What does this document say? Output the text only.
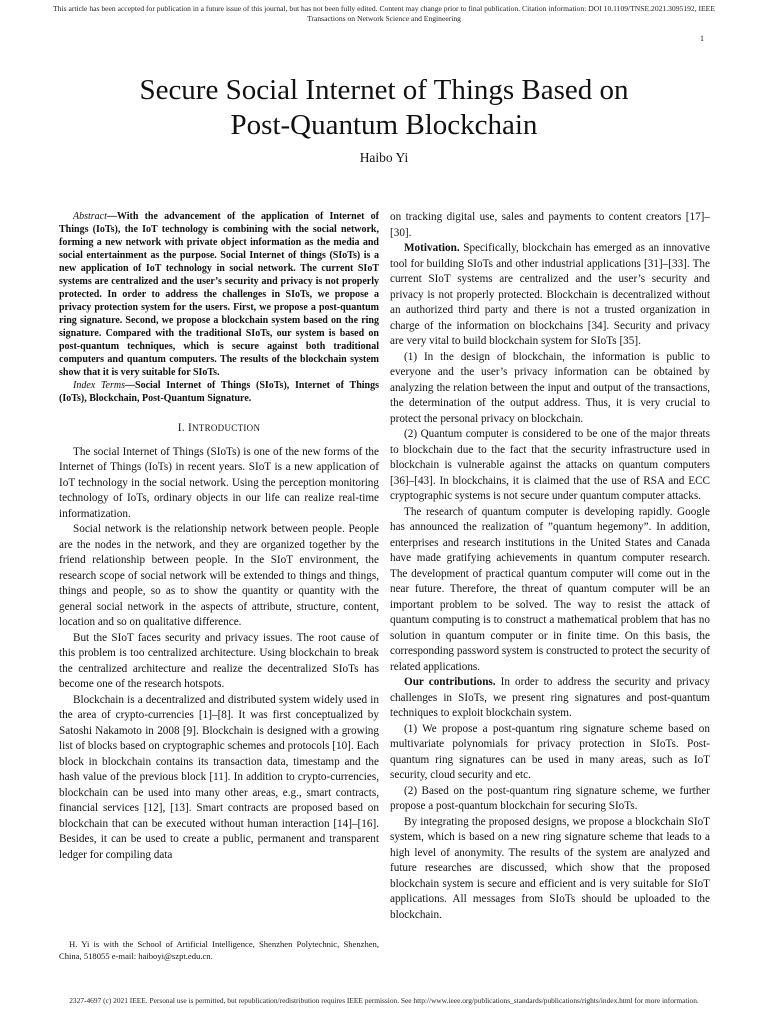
This article has been accepted for publication in a future issue of this journal, but has not been fully edited. Content may change prior to final publication. Citation information: DOI 10.1109/TNSE.2021.3095192, IEEE
Transactions on Network Science and Engineering
1
Secure Social Internet of Things Based on
Post-Quantum Blockchain
Haibo Yi

Abstract—With the advancement of the application of Internet of Things (IoTs), the IoT technology is combining with the social network, forming a new network with private object information as the media and social entertainment as the purpose. Social Internet of things (SIoTs) is a new application of IoT technology in social network. The current SIoT systems are centralized and the user’s security and privacy is not properly protected. In order to address the challenges in SIoTs, we propose a privacy protection system for the users. First, we propose a post-quantum ring signature. Second, we propose a blockchain system based on the ring signature. Compared with the traditional SIoTs, our system is based on post-quantum techniques, which is secure against both traditional computers and quantum computers. The results of the blockchain system show that it is very suitable for SIoTs.

Index Terms—Social Internet of Things (SIoTs), Internet of Things (IoTs), Blockchain, Post-Quantum Signature.

I. INTRODUCTION

The social Internet of Things (SIoTs) is one of the new forms of the Internet of Things (IoTs) in recent years. SIoT is a new application of IoT technology in the social network. Using the perception monitoring technology of IoTs, ordinary objects in our life can realize real-time informatization.

Social network is the relationship network between people. People are the nodes in the network, and they are organized together by the friend relationship between people. In the SIoT environment, the research scope of social network will be extended to things and things, things and people, so as to show the quantity or quantity with the general social network in the aspects of attribute, structure, content, location and so on qualitative difference.

But the SIoT faces security and privacy issues. The root cause of this problem is too centralized architecture. Using blockchain to break the centralized architecture and realize the decentralized SIoTs has become one of the research hotspots.

Blockchain is a decentralized and distributed system widely used in the area of crypto-currencies [1]–[8]. It was first conceptualized by Satoshi Nakamoto in 2008 [9]. Blockchain is designed with a growing list of blocks based on cryptographic schemes and protocols [10]. Each block in blockchain contains its transaction data, timestamp and the hash value of the previous block [11]. In addition to crypto-currencies, blockchain can be used into many other areas, e.g., smart contracts, financial services [12], [13]. Smart contracts are proposed based on blockchain that can be executed without human interaction [14]–[16]. Besides, it can be used to create a public, permanent and transparent ledger for compiling data

H. Yi is with the School of Artificial Intelligence, Shenzhen Polytechnic, Shenzhen, China, 518055 e-mail: haiboyi@szpt.edu.cn.

on tracking digital use, sales and payments to content creators [17]–[30].

Motivation. Specifically, blockchain has emerged as an innovative tool for building SIoTs and other industrial applications [31]–[33]. The current SIoT systems are centralized and the user’s security and privacy is not properly protected. Blockchain is decentralized without an authorized third party and there is not a trusted organization in charge of the information on blockchains [34]. Security and privacy are very vital to build blockchain system for SIoTs [35].

(1) In the design of blockchain, the information is public to everyone and the user’s privacy information can be obtained by analyzing the relation between the input and output of the transactions, the determination of the output address. Thus, it is very crucial to protect the personal privacy on blockchain.

(2) Quantum computer is considered to be one of the major threats to blockchain due to the fact that the security infrastructure used in blockchain is vulnerable against the attacks on quantum computers [36]–[43]. In blockchains, it is claimed that the use of RSA and ECC cryptographic systems is not secure under quantum computer attacks.

The research of quantum computer is developing rapidly. Google has announced the realization of ”quantum hegemony”. In addition, enterprises and research institutions in the United States and Canada have made gratifying achievements in quantum computer research. The development of practical quantum computer will come out in the near future. Therefore, the threat of quantum computer will be an important problem to be solved. The way to resist the attack of quantum computing is to construct a mathematical problem that has no solution in quantum computer or in finite time. On this basis, the corresponding password system is constructed to protect the security of related applications.

Our contributions. In order to address the security and privacy challenges in SIoTs, we present ring signatures and post-quantum techniques to exploit blockchain system.

(1) We propose a post-quantum ring signature scheme based on multivariate polynomials for privacy protection in SIoTs. Post-quantum ring signatures can be used in many areas, such as IoT security, cloud security and etc.

(2) Based on the post-quantum ring signature scheme, we further propose a post-quantum blockchain for securing SIoTs.

By integrating the proposed designs, we propose a blockchain SIoT system, which is based on a new ring signature scheme that leads to a high level of anonymity. The results of the system are analyzed and future researches are discussed, which show that the proposed blockchain system is secure and efficient and is very suitable for SIoT applications. All messages from SIoTs should be uploaded to the blockchain.

2327-4697 (c) 2021 IEEE. Personal use is permitted, but republication/redistribution requires IEEE permission. See http://www.ieee.org/publications_standards/publications/rights/index.html for more information.
